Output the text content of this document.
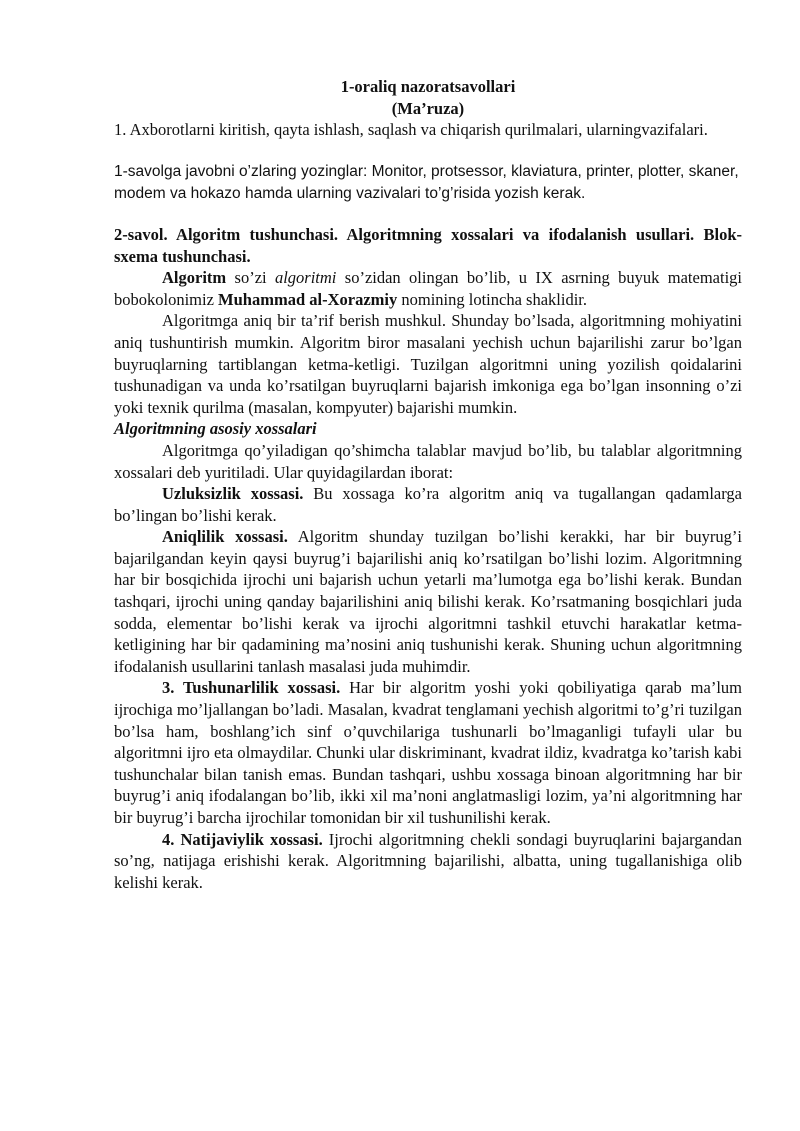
1-oraliq nazoratsavollari
(Ma’ruza)

1. Axborotlarni kiritish, qayta ishlash, saqlash va chiqarish qurilmalari, ularningvazifalari.

1-savolga javobni o’zlaring yozinglar: Monitor, protsessor, klaviatura, printer, plotter, skaner, modem va hokazo hamda ularning vazivalari to’g’risida yozish kerak.

2-savol. Algoritm tushunchasi. Algoritmning xossalari va ifodalanish usullari. Blok-sxema tushunchasi.

Algoritm so’zi algoritmi so’zidan olingan bo’lib, u IX asrning buyuk matematigi bobokolonimiz Muhammad al-Xorazmiy nomining lotincha shaklidir.

Algoritmga aniq bir ta’rif berish mushkul. Shunday bo’lsada, algoritmning mohiyatini aniq tushuntirish mumkin. Algoritm biror masalani yechish uchun bajarilishi zarur bo’lgan buyruqlarning tartiblangan ketma-ketligi. Tuzilgan algoritmni uning yozilish qoidalarini tushunadigan va unda ko’rsatilgan buyruqlarni bajarish imkoniga ega bo’lgan insonning o’zi yoki texnik qurilma (masalan, kompyuter) bajarishi mumkin.

Algoritmning asosiy xossalari

Algoritmga qo’yiladigan qo’shimcha talablar mavjud bo’lib, bu talablar algoritmning xossalari deb yuritiladi. Ular quyidagilardan iborat:

Uzluksizlik xossasi. Bu xossaga ko’ra algoritm aniq va tugallangan qadamlarga bo’lingan bo’lishi kerak.

Aniqlilik xossasi. Algoritm shunday tuzilgan bo’lishi kerakki, har bir buyrug’i bajarilgandan keyin qaysi buyrug’i bajarilishi aniq ko’rsatilgan bo’lishi lozim. Algoritmning har bir bosqichida ijrochi uni bajarish uchun yetarli ma’lumotga ega bo’lishi kerak. Bundan tashqari, ijrochi uning qanday bajarilishini aniq bilishi kerak. Ko’rsatmaning bosqichlari juda sodda, elementar bo’lishi kerak va ijrochi algoritmni tashkil etuvchi harakatlar ketma-ketligining har bir qadamining ma’nosini aniq tushunishi kerak. Shuning uchun algoritmning ifodalanish usullarini tanlash masalasi juda muhimdir.

3. Tushunarlilik xossasi. Har bir algoritm yoshi yoki qobiliyatiga qarab ma’lum ijrochiga mo’ljallangan bo’ladi. Masalan, kvadrat tenglamani yechish algoritmi to’g’ri tuzilgan bo’lsa ham, boshlang’ich sinf o’quvchilariga tushunarli bo’lmaganligi tufayli ular bu algoritmni ijro eta olmaydilar. Chunki ular diskriminant, kvadrat ildiz, kvadratga ko’tarish kabi tushunchalar bilan tanish emas. Bundan tashqari, ushbu xossaga binoan algoritmning har bir buyrug’i aniq ifodalangan bo’lib, ikki xil ma’noni anglatmasligi lozim, ya’ni algoritmning har bir buyrug’i barcha ijrochilar tomonidan bir xil tushunilishi kerak.

4. Natijaviylik xossasi. Ijrochi algoritmning chekli sondagi buyruqlarini bajargandan so’ng, natijaga erishishi kerak. Algoritmning bajarilishi, albatta, uning tugallanishiga olib kelishi kerak.
